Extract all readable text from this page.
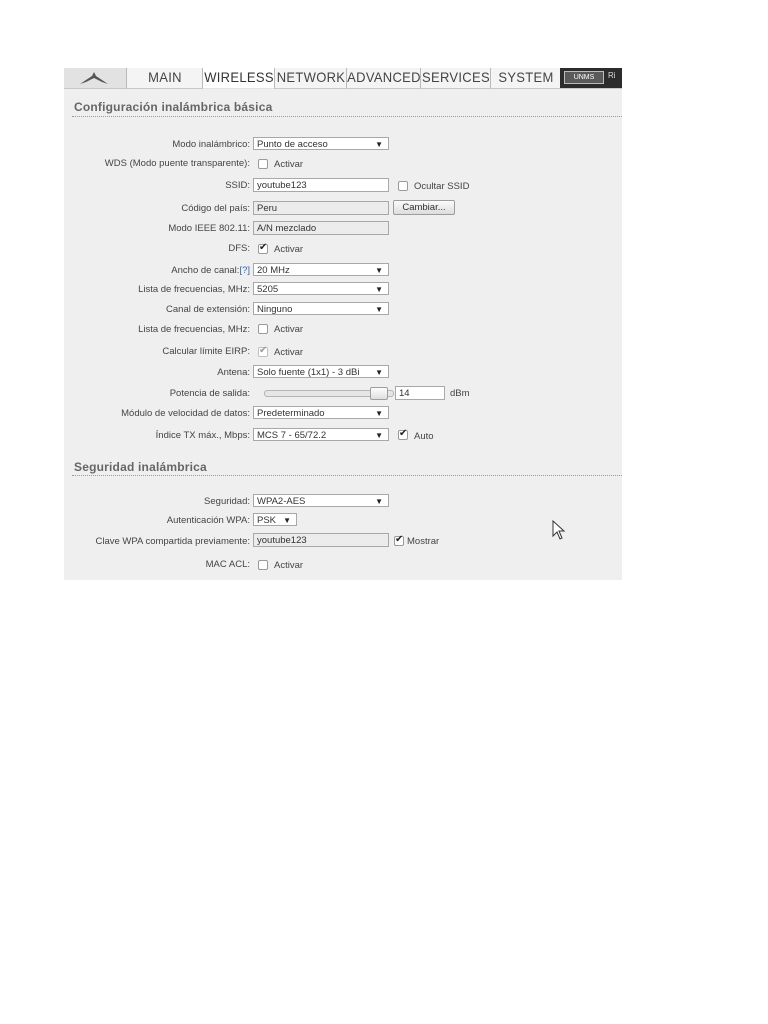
MAIN	WIRELESS NETWORK ADVANCED SERVICES SYSTEM	UNMS	Ri
Configuración inalámbrica básica
Modo inalámbrico: Punto de acceso	▼
WDS (Modo puente transparente):	Activar
SSID: youtube123	Ocultar SSID
Código del país: Peru	Cambiar...
Modo IEEE 802.11: A/N mezclado
DFS: ✔	Activar
Ancho de canal:[?] 20 MHz	▼
Lista de frecuencias, MHz: 5205	▼
Canal de extensión: Ninguno	▼
Lista de frecuencias, MHz:	Activar
Calcular límite EIRP: ✔	Activar
Antena: Solo fuente (1x1) - 3 dBi ▼
Potencia de salida:	14	dBm
Módulo de velocidad de datos: Predeterminado	▼
Índice TX máx., Mbps: MCS 7 - 65/72.2	▼ ✔	Auto
Seguridad inalámbrica
Seguridad: WPA2-AES	▼
Autenticación WPA: PSK ▼
Clave WPA compartida previamente: youtube123 ✔	Mostrar
MAC ACL:	Activar
